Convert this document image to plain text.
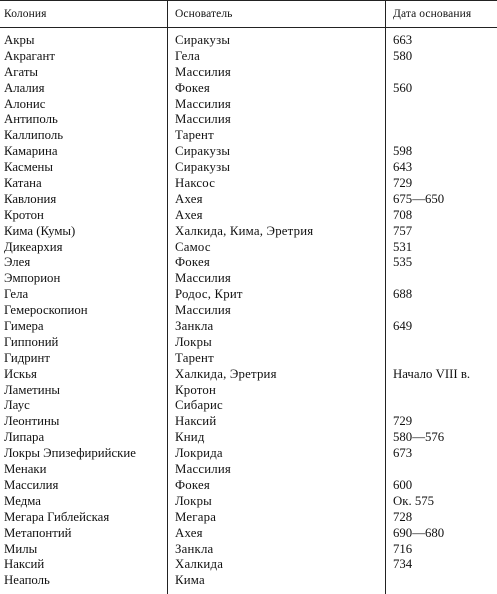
Колония	Основатель	Дата основания
Акры	Сиракузы	663
Акрагант	Гела	580
Агаты	Массилия
Алалия	Фокея	560
Алонис	Массилия
Антиполь	Массилия
Каллиполь	Тарент
Камарина	Сиракузы	598
Касмены	Сиракузы	643
Катана	Наксос	729
Кавлония	Ахея	675—650
Кротон	Ахея	708
Кима (Кумы)	Халкида, Кима, Эретрия	757
Дикеархия	Самос	531
Элея	Фокея	535
Эмпорион	Массилия
Гела	Родос, Крит	688
Гемероскопион	Массилия
Гимера	Занкла	649
Гиппоний	Локры
Гидринт	Тарент
Искья	Халкида, Эретрия	Начало VIII в.
Ламетины	Кротон
Лаус	Сибарис
Леонтины	Наксий	729
Липара	Книд	580—576
Локры Эпизефирийские	Локрида	673
Менаки	Массилия
Массилия	Фокея	600
Медма	Локры	Ок. 575
Мегара Гиблейская	Мегара	728
Метапонтий	Ахея	690—680
Милы	Занкла	716
Наксий	Халкида	734
Неаполь	Кима
